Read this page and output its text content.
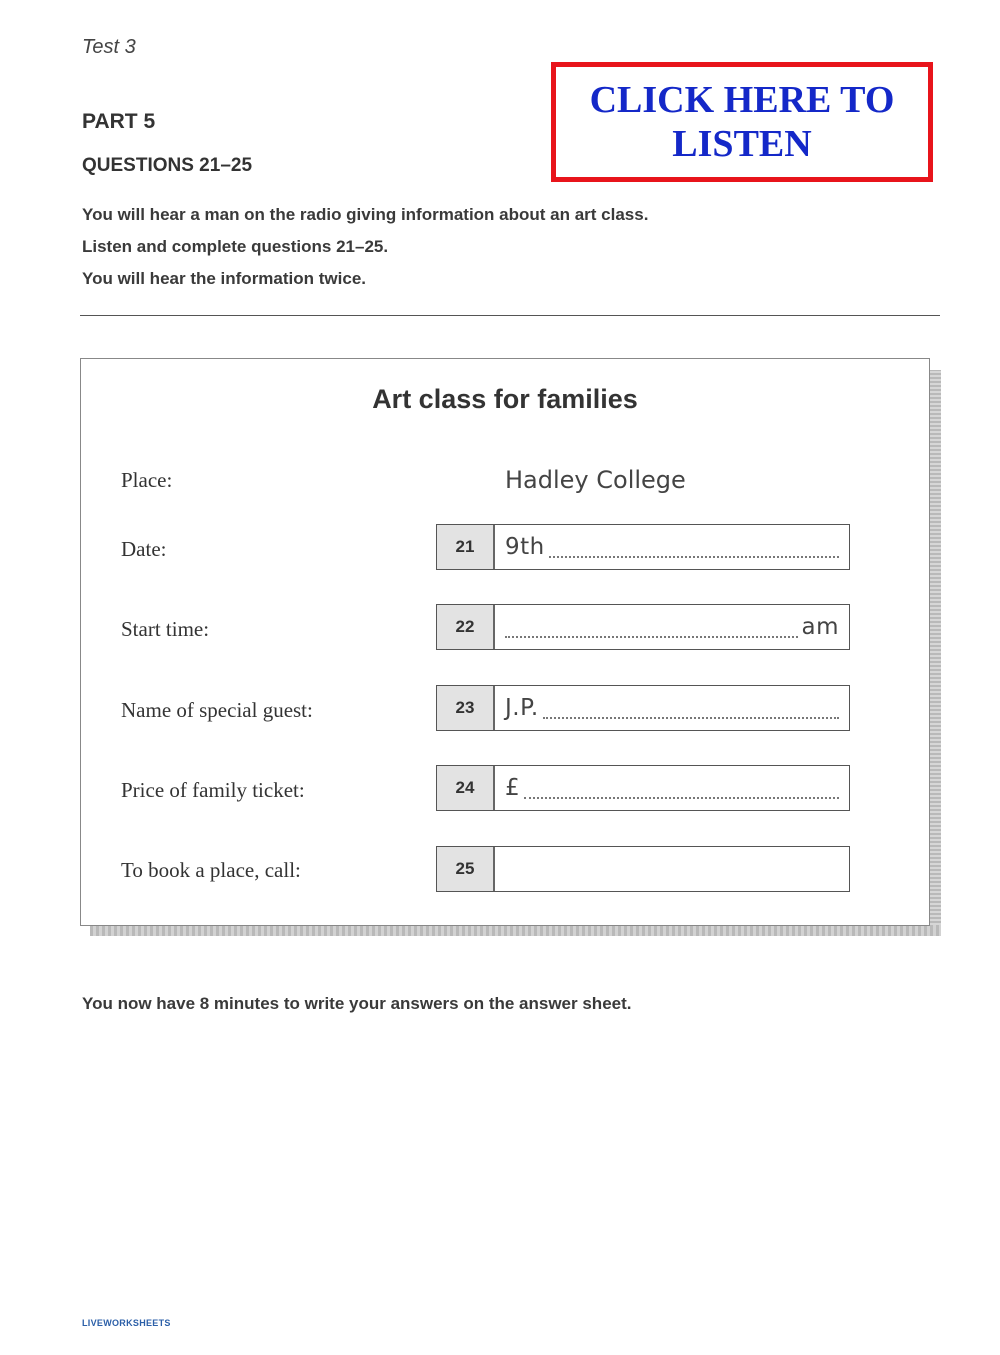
Test 3
PART 5
QUESTIONS 21–25
CLICK HERE TO
LISTEN
You will hear a man on the radio giving information about an art class.
Listen and complete questions 21–25.
You will hear the information twice.
Art class for families
Place:	Hadley College
Date:	21	9th
Start time:	22	am
Name of special guest:	23	J.P.
Price of family ticket:	24	£
To book a place, call:	25
You now have 8 minutes to write your answers on the answer sheet.
LIVEWORKSHEETS
